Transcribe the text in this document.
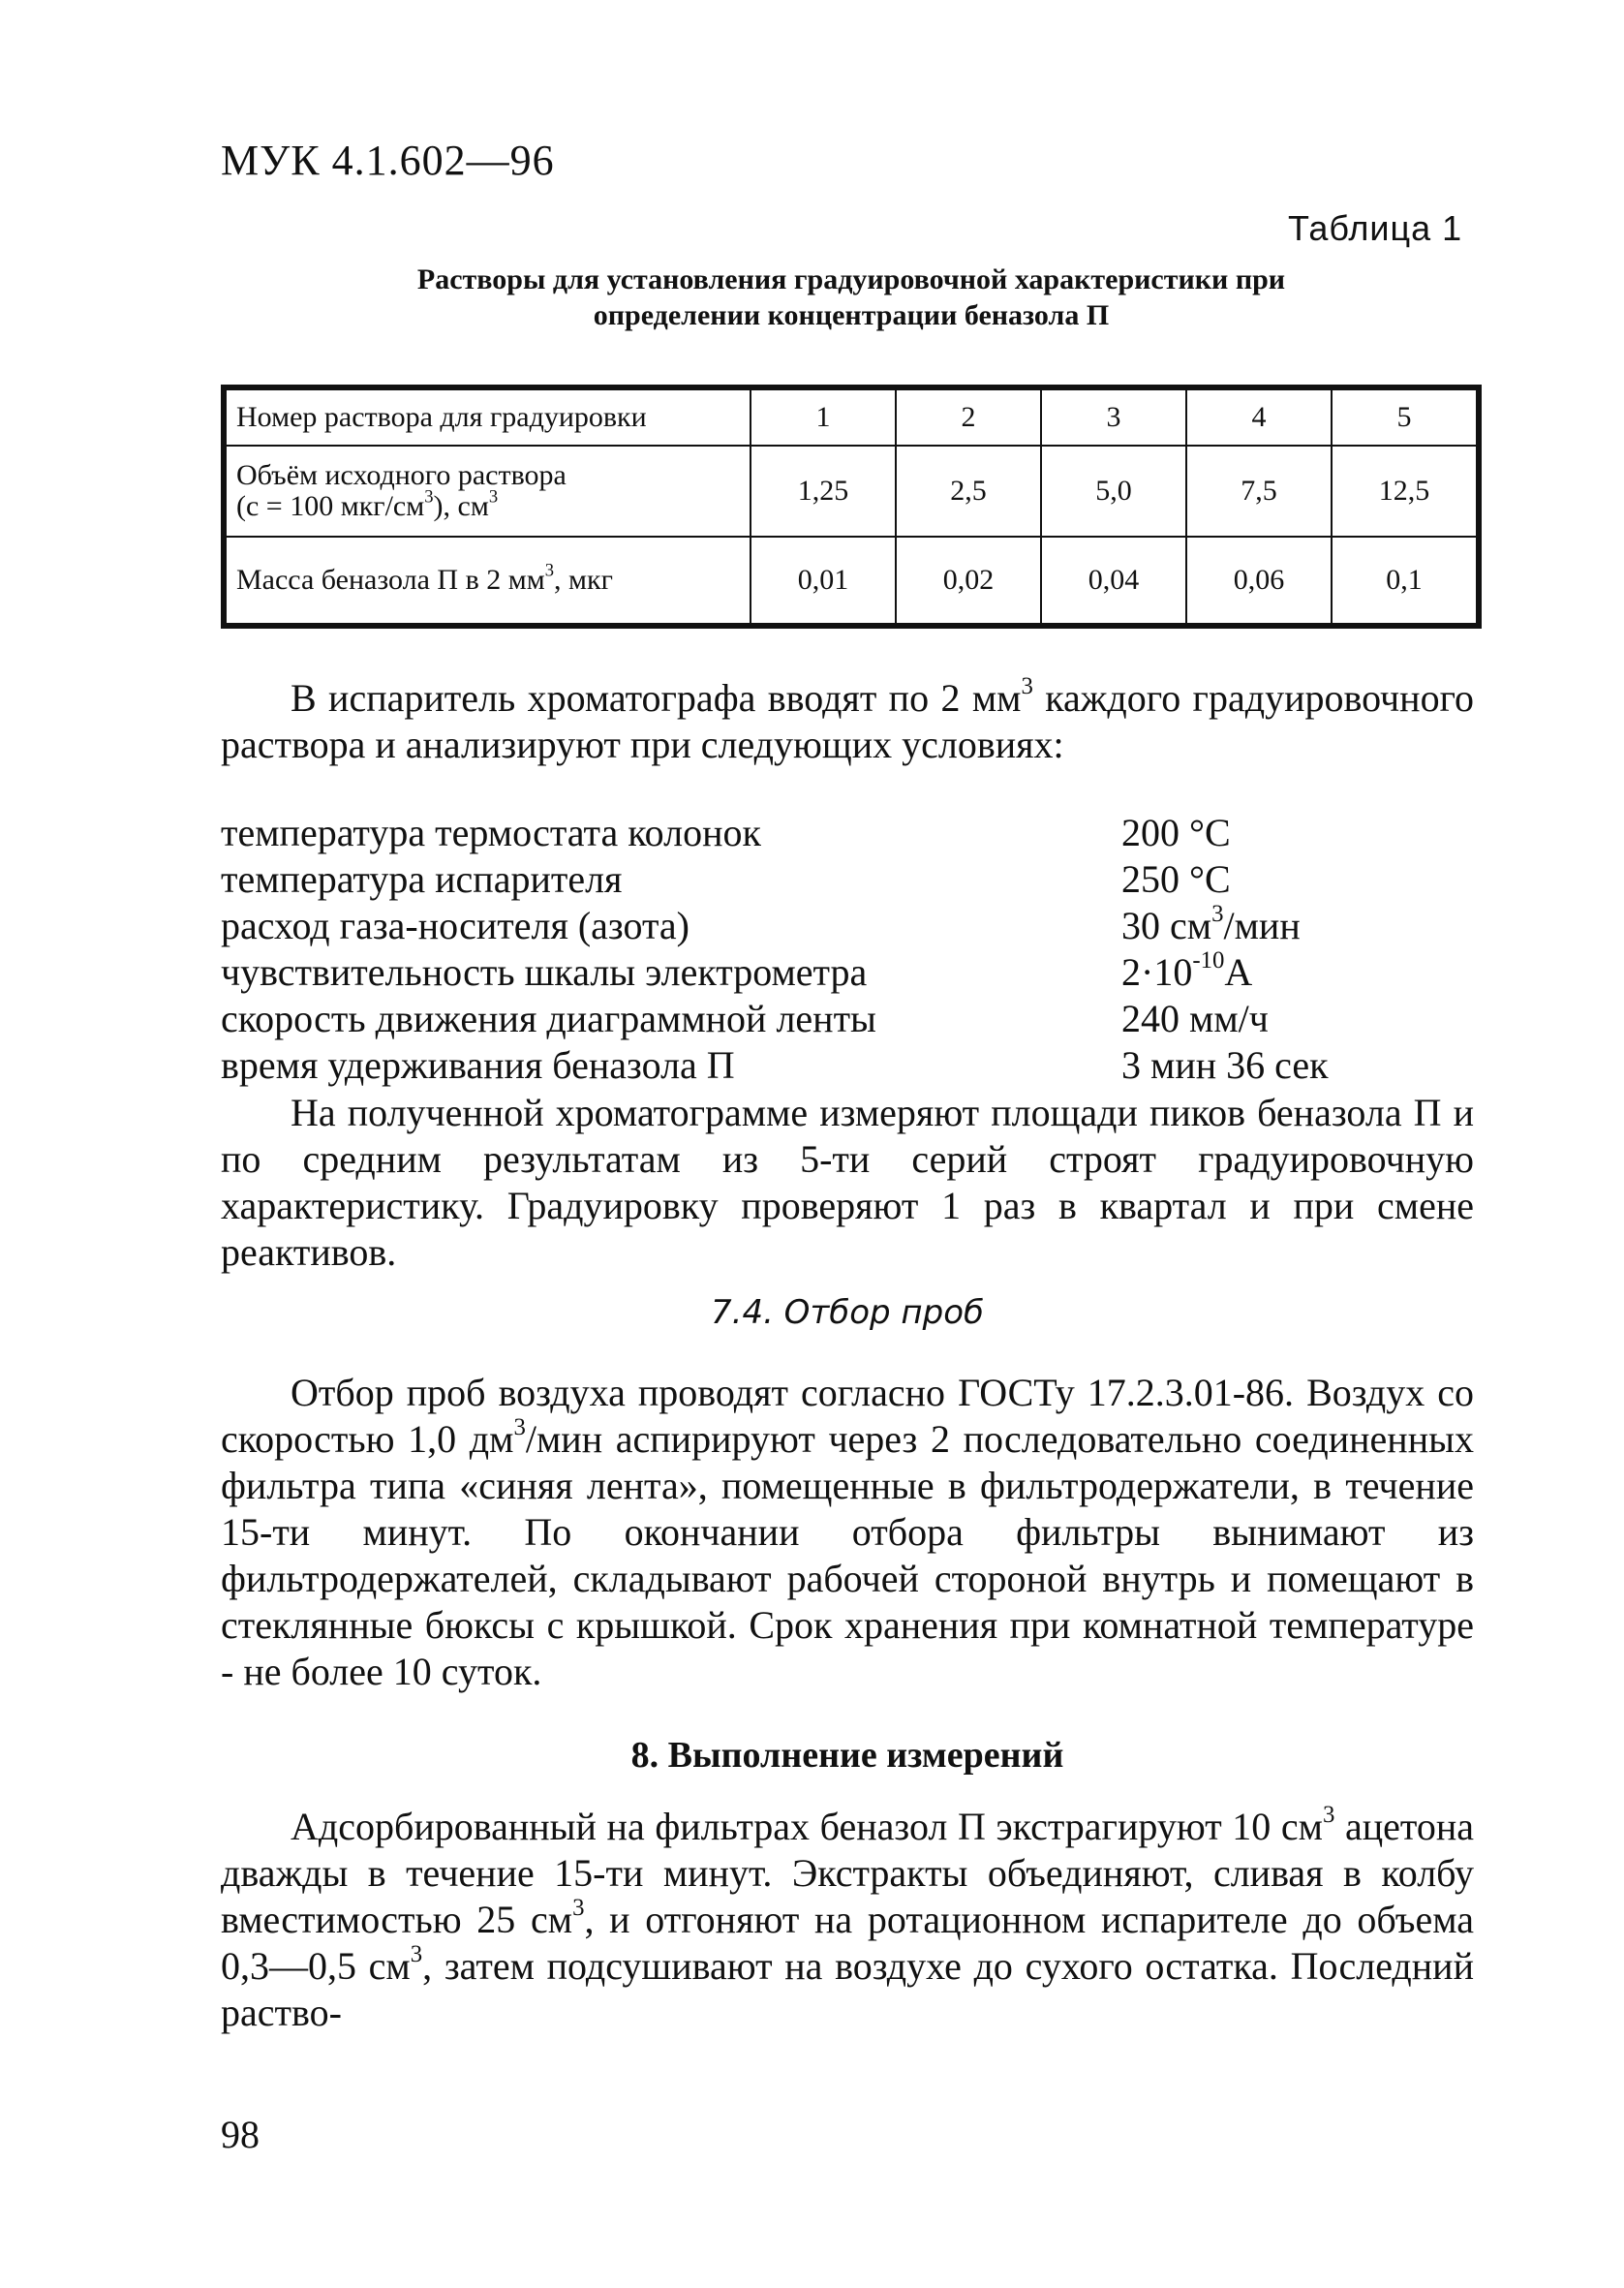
МУК 4.1.602—96
Таблица 1
Растворы для установления градуировочной характеристики при
определении концентрации беназола П
Номер раствора для градуировки	1	2	3	4	5

Объём исходного раствора
(с = 100 мкг/$см^3$), $см^3$	1,25	2,5	5,0	7,5	12,5
Масса беназола П в 2 $мм^3$, мкг	0,01	0,02	0,04	0,06	0,1
В испаритель хроматографа вводят по 2 $мм^3$ каждого градуировочного раствора и анализируют при следующих условиях:
температура термостата колонок	200 °С
температура испарителя	250 °С
расход газа-носителя (азота)	30 $см^3$/мин
чувствительность шкалы электрометра	$2\cdot 10^{-10}А$
скорость движения диаграммной ленты	240 мм/ч
время удерживания беназола П	3 мин 36 сек
На полученной хроматограмме измеряют площади пиков беназола П и по средним результатам из 5-ти серий строят градуировочную характеристику. Градуировку проверяют 1 раз в квартал и при смене реактивов.
7.4. Отбор проб
Отбор проб воздуха проводят согласно ГОСТу 17.2.3.01-86. Воздух со скоростью 1,0 $дм^3$/мин аспирируют через 2 последовательно соединенных фильтра типа «синяя лента», помещенные в фильтродержатели, в течение 15-ти минут. По окончании отбора фильтры вынимают из фильтродержателей, складывают рабочей стороной внутрь и помещают в стеклянные бюксы с крышкой. Срок хранения при комнатной температуре - не более 10 суток.
8. Выполнение измерений
Адсорбированный на фильтрах беназол П экстрагируют 10 $см^3$ ацетона дважды в течение 15-ти минут. Экстракты объединяют, сливая в колбу вместимостью 25 $см^3$, и отгоняют на ротационном испарителе до объема 0,3—0,5 $см^3$, затем подсушивают на воздухе до сухого остатка. Последний раство-
98
